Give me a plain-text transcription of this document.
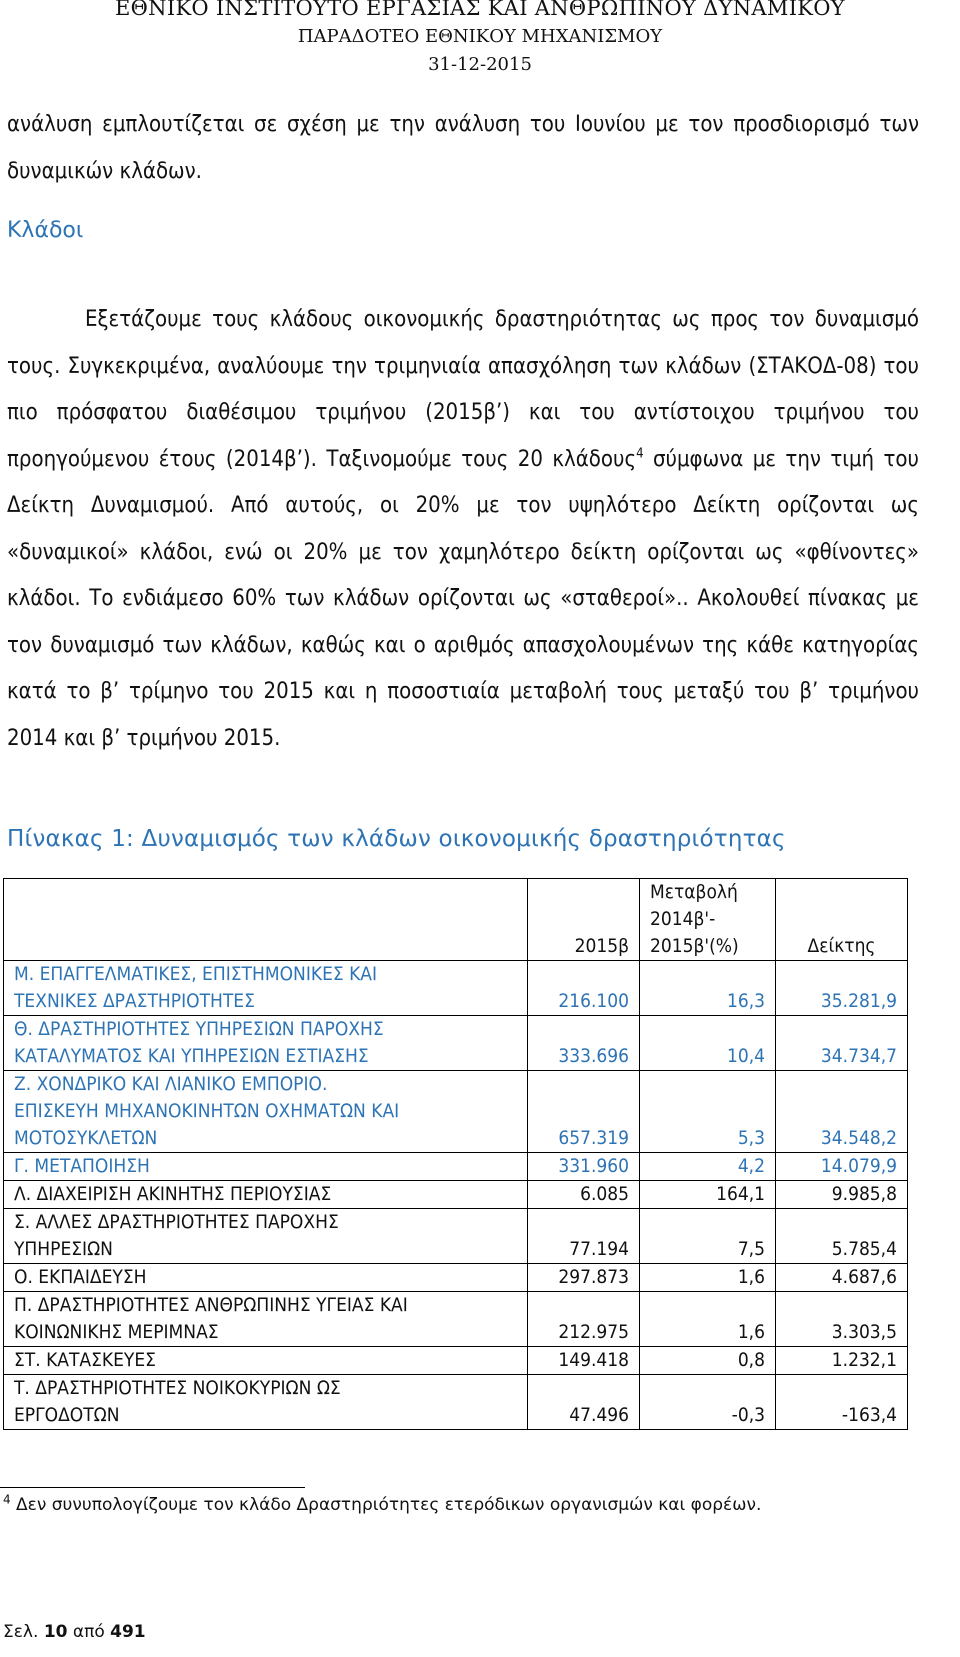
ΕΘΝΙΚΟ ΙΝΣΤΙΤΟΥΤΟ ΕΡΓΑΣΙΑΣ ΚΑΙ ΑΝΘΡΩΠΙΝΟΥ ΔΥΝΑΜΙΚΟΥ
ΠΑΡΑΔΟΤΕΟ ΕΘΝΙΚΟΥ ΜΗΧΑΝΙΣΜΟΥ
31-12-2015
ανάλυση εμπλουτίζεται σε σχέση με την ανάλυση του Ιουνίου με τον προσδιορισμό των δυναμικών κλάδων.
Κλάδοι
Εξετάζουμε τους κλάδους οικονομικής δραστηριότητας ως προς τον δυναμισμό τους. Συγκεκριμένα, αναλύουμε την τριμηνιαία απασχόληση των κλάδων (ΣΤΑΚΟΔ-08) του πιο πρόσφατου διαθέσιμου τριμήνου (2015β’) και του αντίστοιχου τριμήνου του προηγούμενου έτους (2014β’). Ταξινομούμε τους 20 κλάδους$^4$ σύμφωνα με την τιμή του Δείκτη Δυναμισμού. Από αυτούς, οι 20% με τον υψηλότερο Δείκτη ορίζονται ως «δυναμικοί» κλάδοι, ενώ οι 20% με τον χαμηλότερο δείκτη ορίζονται ως «φθίνοντες» κλάδοι. Το ενδιάμεσο 60% των κλάδων ορίζονται ως «σταθεροί».. Ακολουθεί πίνακας με τον δυναμισμό των κλάδων, καθώς και ο αριθμός απασχολουμένων της κάθε κατηγορίας κατά το β’ τρίμηνο του 2015 και η ποσοστιαία μεταβολή τους μεταξύ του β’ τριμήνου 2014 και β’ τριμήνου 2015.
Πίνακας 1: Δυναμισμός των κλάδων οικονομικής δραστηριότητας
	2015β	Μεταβολή
2014β'-
2015β'(%)	Δείκτης

Μ. ΕΠΑΓΓΕΛΜΑΤΙΚΕΣ, ΕΠΙΣΤΗΜΟΝΙΚΕΣ ΚΑΙ
ΤΕΧΝΙΚΕΣ ΔΡΑΣΤΗΡΙΟΤΗΤΕΣ	216.100	16,3	35.281,9

Θ. ΔΡΑΣΤΗΡΙΟΤΗΤΕΣ ΥΠΗΡΕΣΙΩΝ ΠΑΡΟΧΗΣ
ΚΑΤΑΛΥΜΑΤΟΣ ΚΑΙ ΥΠΗΡΕΣΙΩΝ ΕΣΤΙΑΣΗΣ	333.696	10,4	34.734,7

Ζ. ΧΟΝΔΡΙΚΟ ΚΑΙ ΛΙΑΝΙΚΟ ΕΜΠΟΡΙΟ.
ΕΠΙΣΚΕΥΗ ΜΗΧΑΝΟΚΙΝΗΤΩΝ ΟΧΗΜΑΤΩΝ ΚΑΙ
ΜΟΤΟΣΥΚΛΕΤΩΝ	657.319	5,3	34.548,2

Γ. ΜΕΤΑΠΟΙΗΣΗ	331.960	4,2	14.079,9

Λ. ΔΙΑΧΕΙΡΙΣΗ ΑΚΙΝΗΤΗΣ ΠΕΡΙΟΥΣΙΑΣ	6.085	164,1	9.985,8

Σ. ΑΛΛΕΣ ΔΡΑΣΤΗΡΙΟΤΗΤΕΣ ΠΑΡΟΧΗΣ
ΥΠΗΡΕΣΙΩΝ	77.194	7,5	5.785,4

Ο. ΕΚΠΑΙΔΕΥΣΗ	297.873	1,6	4.687,6

Π. ΔΡΑΣΤΗΡΙΟΤΗΤΕΣ ΑΝΘΡΩΠΙΝΗΣ ΥΓΕΙΑΣ ΚΑΙ
ΚΟΙΝΩΝΙΚΗΣ ΜΕΡΙΜΝΑΣ	212.975	1,6	3.303,5

ΣΤ. ΚΑΤΑΣΚΕΥΕΣ	149.418	0,8	1.232,1

Τ. ΔΡΑΣΤΗΡΙΟΤΗΤΕΣ ΝΟΙΚΟΚΥΡΙΩΝ ΩΣ
ΕΡΓΟΔΟΤΩΝ	47.496	-0,3	-163,4
$^4$ Δεν συνυπολογίζουμε τον κλάδο Δραστηριότητες ετερόδικων οργανισμών και φορέων.
Σελ. 10 από 491
